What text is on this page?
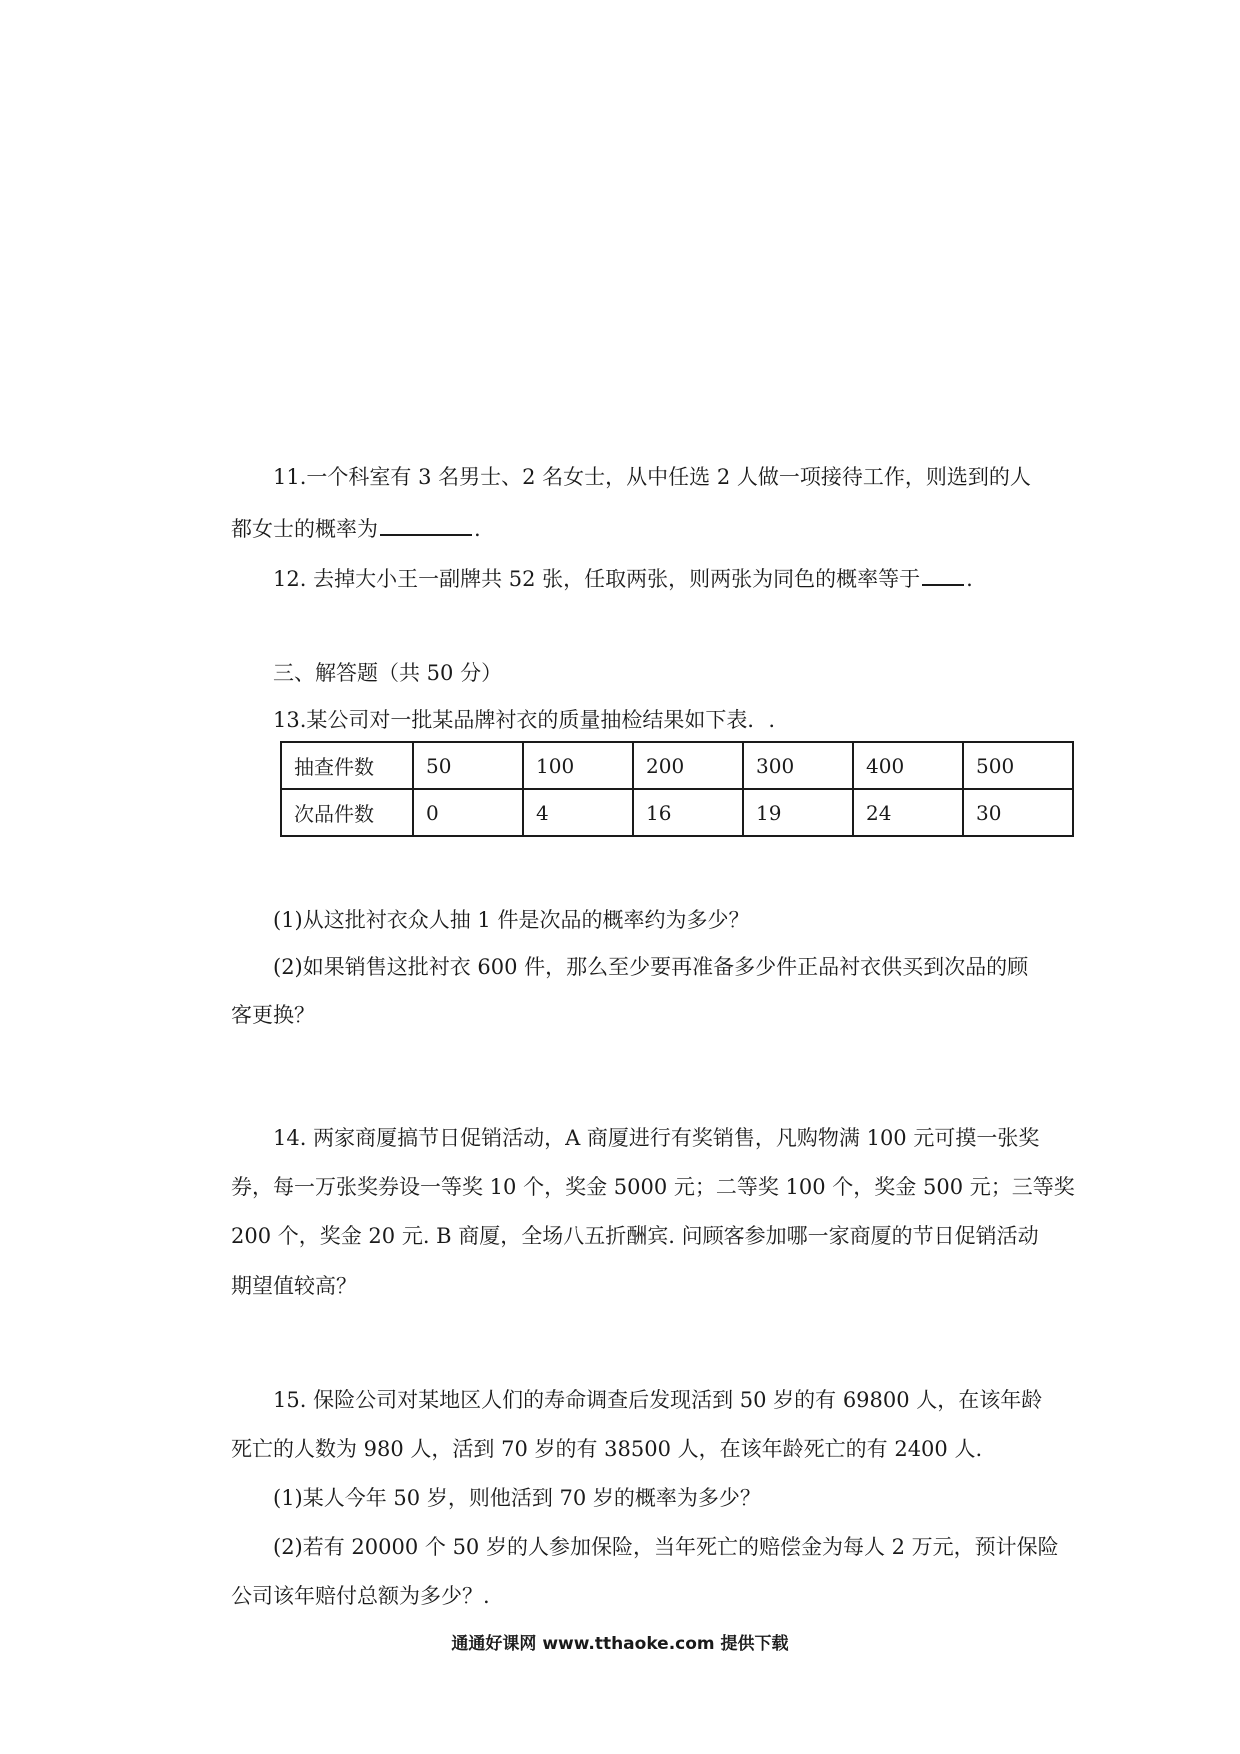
11.一个科室有 3 名男士、2 名女士，从中任选 2 人做一项接待工作，则选到的人
都女士的概率为	.
12. 去掉大小王一副牌共 52 张，任取两张，则两张为同色的概率等于 .
三、解答题（共 50 分）
13.某公司对一批某品牌衬衣的质量抽检结果如下表．.
抽查件数	50	100	200	300	400	500
次品件数	0	4	16	19	24	30
(1)从这批衬衣众人抽 1 件是次品的概率约为多少？
(2)如果销售这批衬衣 600 件，那么至少要再准备多少件正品衬衣供买到次品的顾
客更换？
14. 两家商厦搞节日促销活动，A 商厦进行有奖销售，凡购物满 100 元可摸一张奖
券，每一万张奖券设一等奖 10 个，奖金 5000 元；二等奖 100 个，奖金 500 元；三等奖
200 个，奖金 20 元. B 商厦，全场八五折酬宾. 问顾客参加哪一家商厦的节日促销活动
期望值较高？
15. 保险公司对某地区人们的寿命调查后发现活到 50 岁的有 69800 人，在该年龄
死亡的人数为 980 人，活到 70 岁的有 38500 人，在该年龄死亡的有 2400 人.
(1)某人今年 50 岁，则他活到 70 岁的概率为多少？
(2)若有 20000 个 50 岁的人参加保险，当年死亡的赔偿金为每人 2 万元，预计保险
公司该年赔付总额为多少？.
通通好课网 www.tthaoke.com 提供下载
